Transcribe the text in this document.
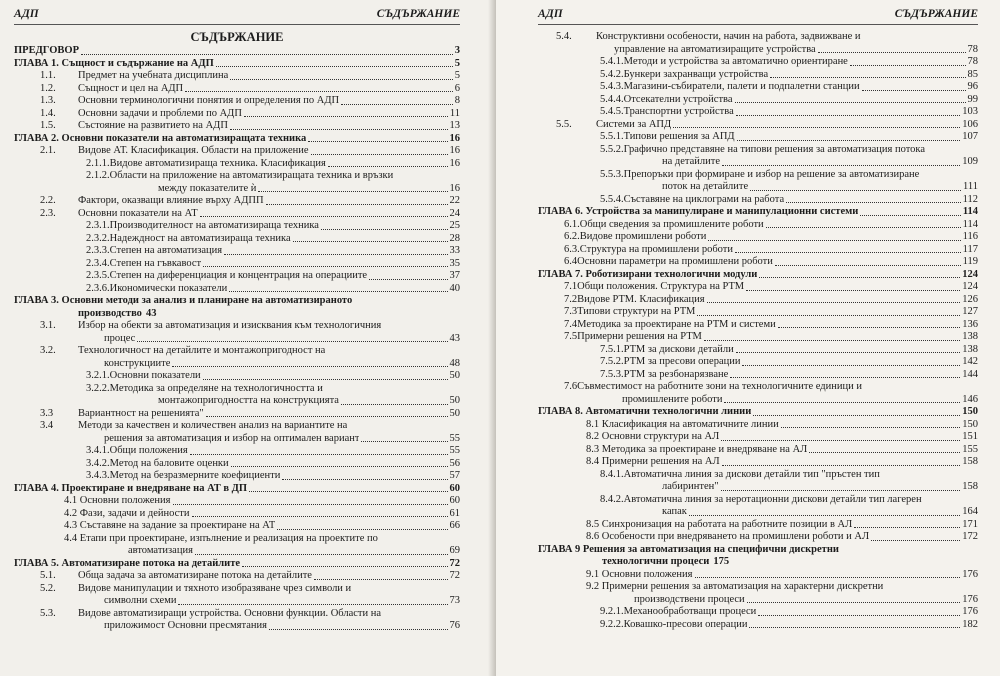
АДП	СЪДЪРЖАНИЕ
СЪДЪРЖАНИЕ
ПРЕДГОВОР	3
ГЛАВА 1. Същност и съдържание на АДП	5
1.1.	Предмет на учебната дисциплина	5
1.2.	Същност и цел на АДП	6
1.3.	Основни терминологични понятия и определения по АДП	8
1.4.	Основни задачи и проблеми по АДП	11
1.5.	Състояние на развитието на АДП	13
ГЛАВА 2. Основни показатели на автоматизиращата техника	16
2.1.	Видове АТ. Класификация. Области на приложение	16
2.1.1.Видове автоматизираща техника. Класификация	16
2.1.2.Области на приложение на автоматизиращата техника и връзки
между показателите ѝ	16
2.2.	Фактори, оказващи влияние върху АДПП	22
2.3.	Основни показатели на АТ	24
2.3.1.Производителност на автоматизираща техника	25
2.3.2.Надеждност на автоматизираща техника	28
2.3.3.Степен на автоматизация	33
2.3.4.Степен на гъвкавост	35
2.3.5.Степен на диференциация и концентрация на операциите	37
2.3.6.Икономически показатели	40
ГЛАВА 3. Основни методи за анализ и планиране на автоматизираното
производство 43
3.1.	Избор на обекти за автоматизация и изисквания към технологичния
процес	43
3.2.	Технологичност на детайлите и монтажопригодност на
конструкциите	48
3.2.1.Основни показатели	50
3.2.2.Методика за определяне на технологичността и
монтажопригодността на конструкцията	50
3.3	Вариантност на решенията"	50
3.4	Методи за качествен и количествен анализ на вариантите на
решения за автоматизация и избор на оптимален вариант	55
3.4.1.Общи положения	55
3.4.2.Метод на баловите оценки	56
3.4.3.Метод на безразмерните коефициенти	57
ГЛАВА 4. Проектиране и внедряване на АТ в ДП	60
4.1 Основни положения	60
4.2 Фази, задачи и дейности	61
4.3 Съставяне на задание за проектиране на АТ	66
4.4 Етапи при проектиране, изпълнение и реализация на проектите по
автоматизация	69
ГЛАВА 5. Автоматизиране потока на детайлите	72
5.1.	Обща задача за автоматизиране потока на детайлите	72
5.2.	Видове манипулации и тяхното изобразяване чрез символи и
символни схеми	73
5.3.	Видове автоматизиращи устройства. Основни функции. Области на
приложимост Основни пресмятания	76
АДП	СЪДЪРЖАНИЕ
5.4.	Конструктивни особености, начин на работа, задвижване и
управление на автоматизиращите устройства	78
5.4.1.Методи и устройства за автоматично ориентиране	78
5.4.2.Бункери захранващи устройства	85
5.4.3.Магазини-събиратели, палети и подпалетни станции	96
5.4.4.Отсекателни устройства	99
5.4.5.Транспортни устройства	103
5.5.	Системи за АПД	106
5.5.1.Типови решения за АПД	107
5.5.2.Графично представяне на типови решения за автоматизация потока
на детайлите	109
5.5.3.Препоръки при формиране и избор на решение за автоматизиране
поток на детайлите	111
5.5.4.Съставяне на циклограми на работа	112
ГЛАВА 6. Устройства за манипулиране и манипулационни системи	114
6.1. Общи сведения за промишлените роботи	114
6.2. Видове промишлени роботи	116
6.3. Структура на промишлени роботи	117
6.4 Основни параметри на промишлени роботи	119
ГЛАВА 7. Роботизирани технологични модули	124
7.1 Общи положения. Структура на РТМ	124
7.2 Видове РТМ. Класификация	126
7.3 Типови структури на РТМ	127
7.4 Методика за проектиране на РТМ и системи	136
7.5 Примерни решения на РТМ	138
7.5.1.РТМ за дискови детайли	138
7.5.2.РТМ за пресови операции	142
7.5.3.РТМ за резбонарязване	144
7.6 Съвместимост на работните зони на технологичните единици и
промишлените роботи	146
ГЛАВА 8. Автоматични технологични линии	150
8.1 Класификация на автоматичните линии	150
8.2 Основни структури на АЛ	151
8.3 Методика за проектиране и внедряване на АЛ	155
8.4 Примерни решения на АЛ	158
8.4.1.Автоматична линия за дискови детайли тип "пръстен тип
лабиринтен"	158
8.4.2.Автоматична линия за неротационни дискови детайли тип лагерен
капак	164
8.5 Синхронизация на работата на работните позиции в АЛ	171
8.6 Особености при внедряването на промишлени роботи и АЛ	172
ГЛАВА 9 Решения за автоматизация на специфични дискретни
технологични процеси 175
9.1 Основни положения	176
9.2 Примерни решения за автоматизация на характерни дискретни
производствени процеси	176
9.2.1.Механообработващи процеси	176
9.2.2.Ковашко-пресови операции	182
